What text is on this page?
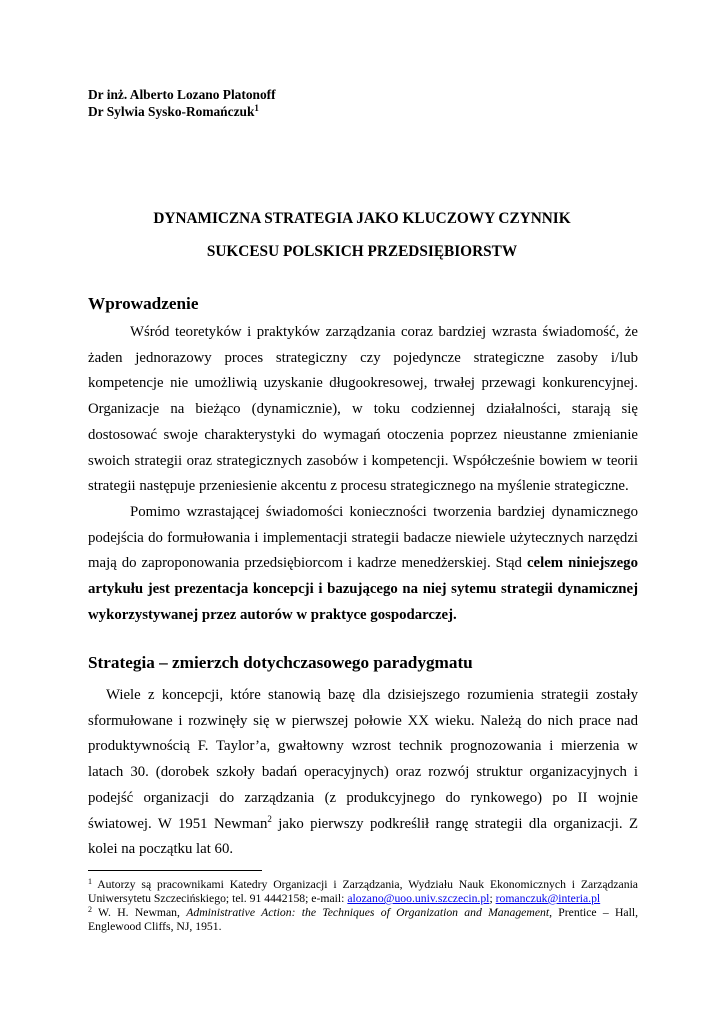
Dr inż. Alberto Lozano Platonoff
Dr Sylwia Sysko-Romańczuk$^1$
DYNAMICZNA STRATEGIA JAKO KLUCZOWY CZYNNIK
SUKCESU POLSKICH PRZEDSIĘBIORSTW
Wprowadzenie

Wśród teoretyków i praktyków zarządzania coraz bardziej wzrasta świadomość, że żaden jednorazowy proces strategiczny czy pojedyncze strategiczne zasoby i/lub kompetencje nie umożliwią uzyskanie długookresowej, trwałej przewagi konkurencyjnej. Organizacje na bieżąco (dynamicznie), w toku codziennej działalności, starają się dostosować swoje charakterystyki do wymagań otoczenia poprzez nieustanne zmienianie swoich strategii oraz strategicznych zasobów i kompetencji. Współcześnie bowiem w teorii strategii następuje przeniesienie akcentu z procesu strategicznego na myślenie strategiczne.

Pomimo wzrastającej świadomości konieczności tworzenia bardziej dynamicznego podejścia do formułowania i implementacji strategii badacze niewiele użytecznych narzędzi mają do zaproponowania przedsiębiorcom i kadrze menedżerskiej. Stąd celem niniejszego artykułu jest prezentacja koncepcji i bazującego na niej sytemu strategii dynamicznej wykorzystywanej przez autorów w praktyce gospodarczej.

Strategia – zmierzch dotychczasowego paradygmatu

Wiele z koncepcji, które stanowią bazę dla dzisiejszego rozumienia strategii zostały sformułowane i rozwinęły się w pierwszej połowie XX wieku. Należą do nich prace nad produktywnością F. Taylor’a, gwałtowny wzrost technik prognozowania i mierzenia w latach 30. (dorobek szkoły badań operacyjnych) oraz rozwój struktur organizacyjnych i podejść organizacji do zarządzania (z produkcyjnego do rynkowego) po II wojnie światowej. W 1951 Newman$^2$ jako pierwszy podkreślił rangę strategii dla organizacji. Z kolei na początku lat 60.

$^1$ Autorzy są pracownikami Katedry Organizacji i Zarządzania, Wydziału Nauk Ekonomicznych i Zarządzania Uniwersytetu Szczecińskiego; tel. 91 4442158; e-mail: alozano@uoo.univ.szczecin.pl; romanczuk@interia.pl

$^2$ W. H. Newman, Administrative Action: the Techniques of Organization and Management, Prentice – Hall, Englewood Cliffs, NJ, 1951.
